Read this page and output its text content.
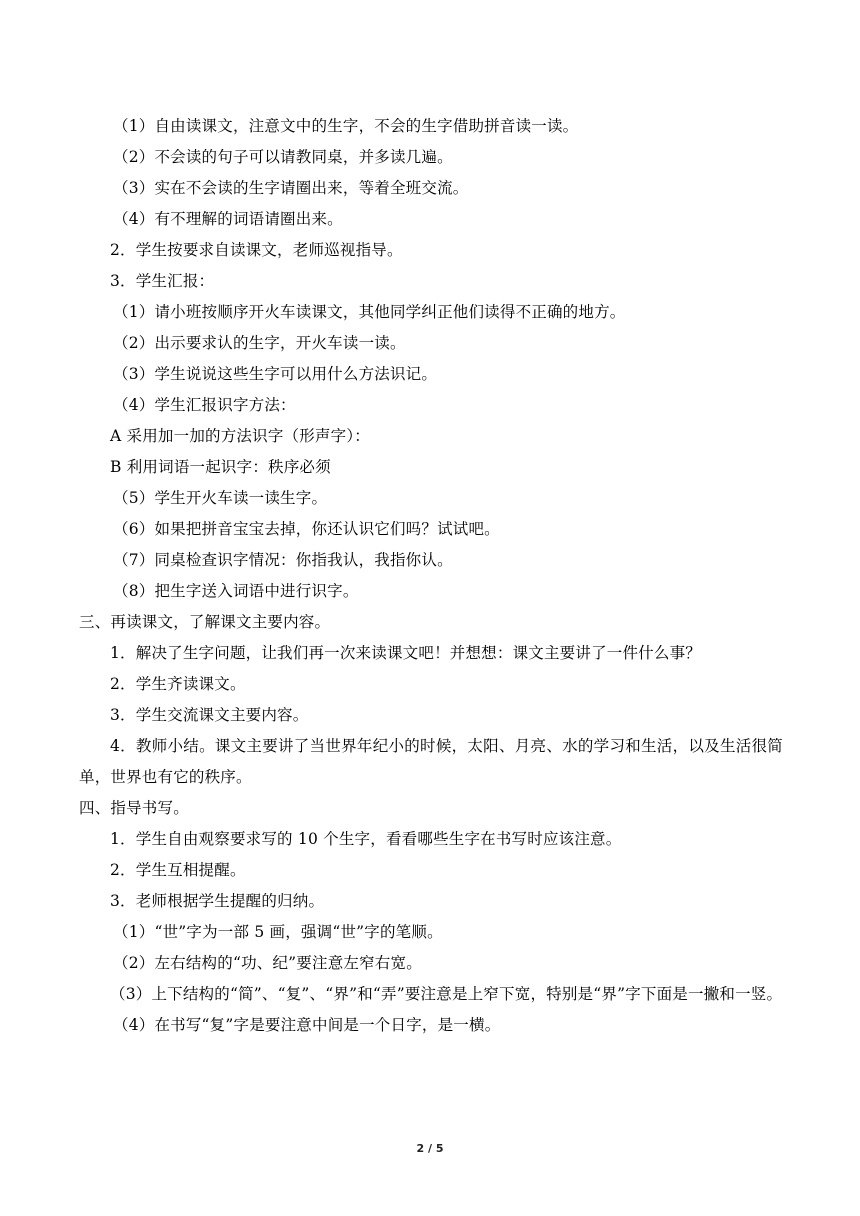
（1）自由读课文，注意文中的生字，不会的生字借助拼音读一读。
（2）不会读的句子可以请教同桌，并多读几遍。
（3）实在不会读的生字请圈出来，等着全班交流。
（4）有不理解的词语请圈出来。
2．学生按要求自读课文，老师巡视指导。
3．学生汇报：
（1）请小班按顺序开火车读课文，其他同学纠正他们读得不正确的地方。
（2）出示要求认的生字，开火车读一读。
（3）学生说说这些生字可以用什么方法识记。
（4）学生汇报识字方法：
A 采用加一加的方法识字（形声字）：
B 利用词语一起识字：秩序必须
（5）学生开火车读一读生字。
（6）如果把拼音宝宝去掉，你还认识它们吗？试试吧。
（7）同桌检查识字情况：你指我认，我指你认。
（8）把生字送入词语中进行识字。
三、再读课文，了解课文主要内容。
1．解决了生字问题，让我们再一次来读课文吧！并想想：课文主要讲了一件什么事？
2．学生齐读课文。
3．学生交流课文主要内容。
4．教师小结。课文主要讲了当世界年纪小的时候，太阳、月亮、水的学习和生活，以及生活很简单，世界也有它的秩序。
四、指导书写。
1．学生自由观察要求写的 10 个生字，看看哪些生字在书写时应该注意。
2．学生互相提醒。
3．老师根据学生提醒的归纳。
（1）“世”字为一部 5 画，强调“世”字的笔顺。
（2）左右结构的“功、纪”要注意左窄右宽。
（3）上下结构的“简”、“复”、“界”和“弄”要注意是上窄下宽，特别是“界”字下面是一撇和一竖。
（4）在书写“复”字是要注意中间是一个日字，是一横。
2 / 5
